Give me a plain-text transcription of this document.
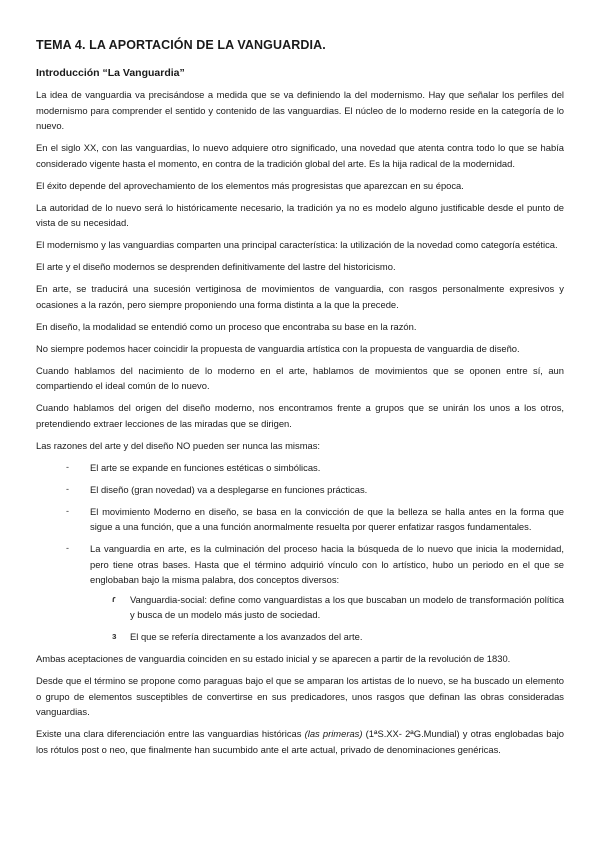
TEMA 4. LA APORTACIÓN DE LA VANGUARDIA.
Introducción “La Vanguardia”

La idea de vanguardia va precisándose a medida que se va definiendo la del modernismo. Hay que señalar los perfiles del modernismo para comprender el sentido y contenido de las vanguardias. El núcleo de lo moderno reside en la categoría de lo nuevo.

En el siglo XX, con las vanguardias, lo nuevo adquiere otro significado, una novedad que atenta contra todo lo que se había considerado vigente hasta el momento, en contra de la tradición global del arte. Es la hija radical de la modernidad.

El éxito depende del aprovechamiento de los elementos más progresistas que aparezcan en su época.

La autoridad de lo nuevo será lo históricamente necesario, la tradición ya no es modelo alguno justificable desde el punto de vista de su necesidad.

El modernismo y las vanguardias comparten una principal característica: la utilización de la novedad como categoría estética.

El arte y el diseño modernos se desprenden definitivamente del lastre del historicismo.

En arte, se traducirá una sucesión vertiginosa de movimientos de vanguardia, con rasgos personalmente expresivos y ocasiones a la razón, pero siempre proponiendo una forma distinta a la que la precede.

En diseño, la modalidad se entendió como un proceso que encontraba su base en la razón.

No siempre podemos hacer coincidir la propuesta de vanguardia artística con la propuesta de vanguardia de diseño.

Cuando hablamos del nacimiento de lo moderno en el arte, hablamos de movimientos que se oponen entre sí, aun compartiendo el ideal común de lo nuevo.

Cuando hablamos del origen del diseño moderno, nos encontramos frente a grupos que se unirán los unos a los otros, pretendiendo extraer lecciones de las miradas que se dirigen.

Las razones del arte y del diseño NO pueden ser nunca las mismas:

- El arte se expande en funciones estéticas o simbólicas.
- El diseño (gran novedad) va a desplegarse en funciones prácticas.
- El movimiento Moderno en diseño, se basa en la convicción de que la belleza se halla antes en la forma que sigue a una función, que a una función anormalmente resuelta por querer enfatizar rasgos fundamentales.
- La vanguardia en arte, es la culminación del proceso hacia la búsqueda de lo nuevo que inicia la modernidad, pero tiene otras bases. Hasta que el término adquirió vínculo con lo artístico, hubo un periodo en el que se englobaban bajo la misma palabra, dos conceptos diversos:
ɾ Vanguardia-social: define como vanguardistas a los que buscaban un modelo de transformación política y busca de un modelo más justo de sociedad.
ɜ El que se refería directamente a los avanzados del arte.

Ambas aceptaciones de vanguardia coinciden en su estado inicial y se aparecen a partir de la revolución de 1830.

Desde que el término se propone como paraguas bajo el que se amparan los artistas de lo nuevo, se ha buscado un elemento o grupo de elementos susceptibles de convertirse en sus predicadores, unos rasgos que definan las obras consideradas vanguardias.

Existe una clara diferenciación entre las vanguardias históricas (las primeras) (1ªS.XX- 2ªG.Mundial) y otras englobadas bajo los rótulos post o neo, que finalmente han sucumbido ante el arte actual, privado de denominaciones genéricas.
